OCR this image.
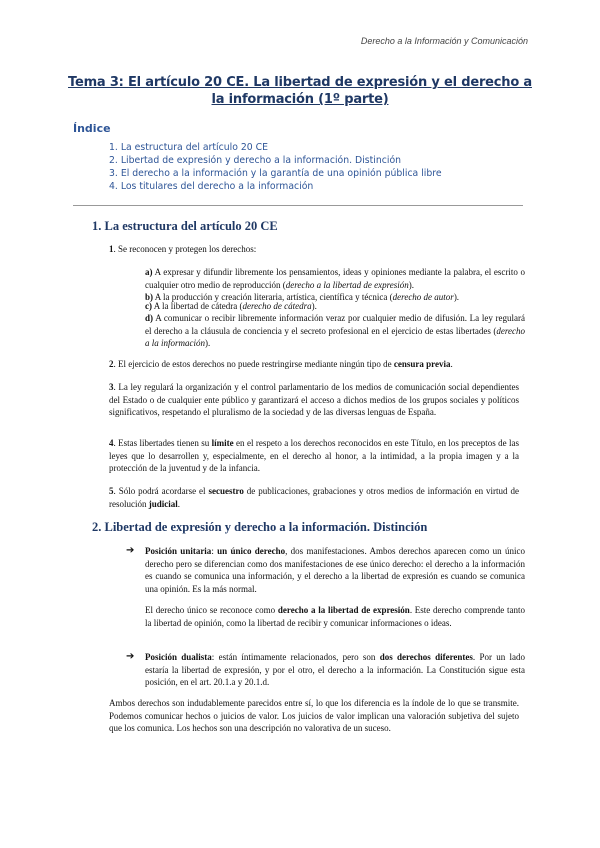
Derecho a la Información y Comunicación
Tema 3: El artículo 20 CE. La libertad de expresión y el derecho a la información (1º parte)
Índice
1. La estructura del artículo 20 CE
2. Libertad de expresión y derecho a la información. Distinción
3. El derecho a la información y la garantía de una opinión pública libre
4. Los titulares del derecho a la información
1. La estructura del artículo 20 CE
1. Se reconocen y protegen los derechos:
a) A expresar y difundir libremente los pensamientos, ideas y opiniones mediante la palabra, el escrito o cualquier otro medio de reproducción (derecho a la libertad de expresión).
b) A la producción y creación literaria, artística, científica y técnica (derecho de autor).
c) A la libertad de cátedra (derecho de cátedra).
d) A comunicar o recibir libremente información veraz por cualquier medio de difusión. La ley regulará el derecho a la cláusula de conciencia y el secreto profesional en el ejercicio de estas libertades (derecho a la información).
2. El ejercicio de estos derechos no puede restringirse mediante ningún tipo de censura previa.
3. La ley regulará la organización y el control parlamentario de los medios de comunicación social dependientes del Estado o de cualquier ente público y garantizará el acceso a dichos medios de los grupos sociales y políticos significativos, respetando el pluralismo de la sociedad y de las diversas lenguas de España.
4. Estas libertades tienen su límite en el respeto a los derechos reconocidos en este Título, en los preceptos de las leyes que lo desarrollen y, especialmente, en el derecho al honor, a la intimidad, a la propia imagen y a la protección de la juventud y de la infancia.
5. Sólo podrá acordarse el secuestro de publicaciones, grabaciones y otros medios de información en virtud de resolución judicial.
2. Libertad de expresión y derecho a la información. Distinción
➔ Posición unitaria: un único derecho, dos manifestaciones. Ambos derechos aparecen como un único derecho pero se diferencian como dos manifestaciones de ese único derecho: el derecho a la información es cuando se comunica una información, y el derecho a la libertad de expresión es cuando se comunica una opinión. Es la más normal.
El derecho único se reconoce como derecho a la libertad de expresión. Este derecho comprende tanto la libertad de opinión, como la libertad de recibir y comunicar informaciones o ideas.
➔ Posición dualista: están íntimamente relacionados, pero son dos derechos diferentes. Por un lado estaría la libertad de expresión, y por el otro, el derecho a la información. La Constitución sigue esta posición, en el art. 20.1.a y 20.1.d.
Ambos derechos son indudablemente parecidos entre sí, lo que los diferencia es la índole de lo que se transmite. Podemos comunicar hechos o juicios de valor. Los juicios de valor implican una valoración subjetiva del sujeto que los comunica. Los hechos son una descripción no valorativa de un suceso.
